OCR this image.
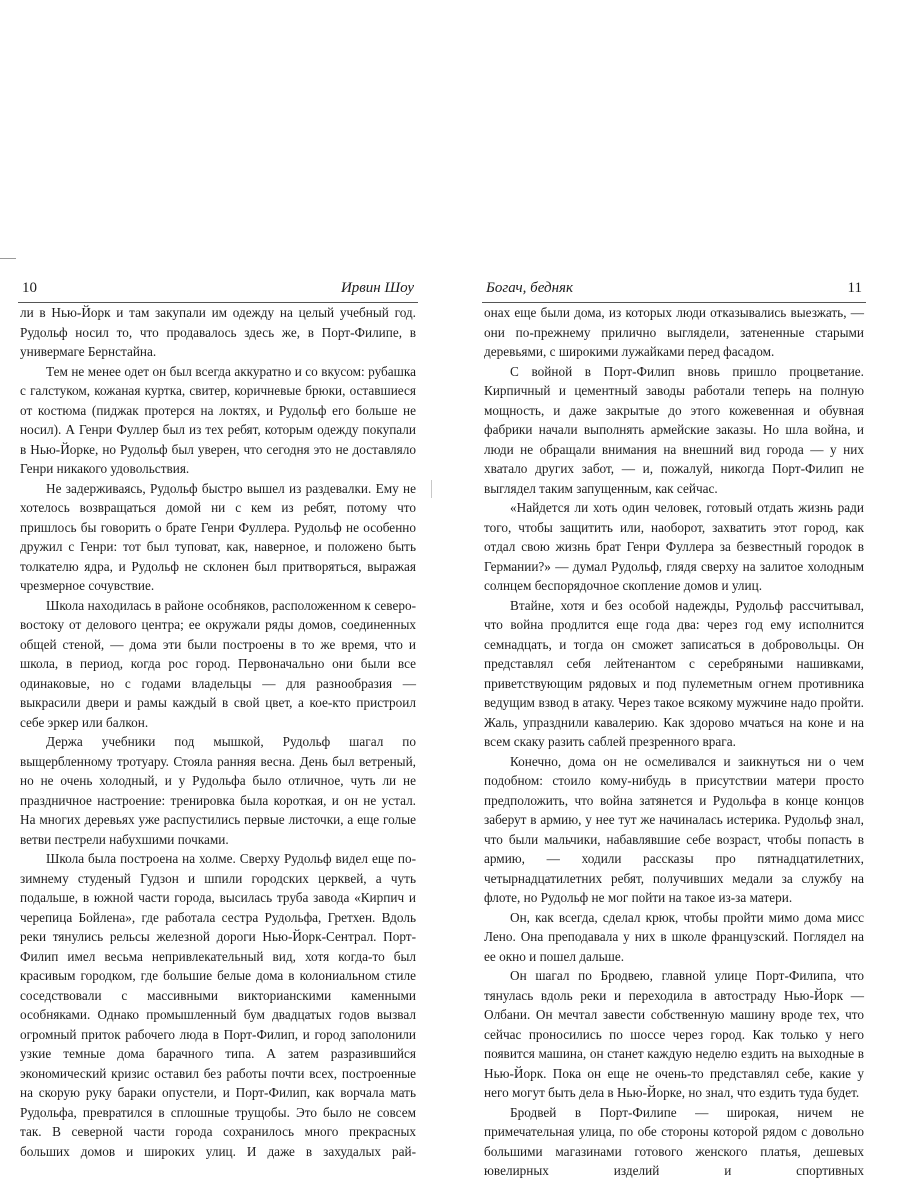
10	Ирвин Шоу

ли в Нью-Йорк и там закупали им одежду на целый учебный год. Рудольф носил то, что продавалось здесь же, в Порт-Филипе, в универмаге Бернстайна.

Тем не менее одет он был всегда аккуратно и со вкусом: рубашка с галстуком, кожаная куртка, свитер, коричневые брюки, оставшиеся от костюма (пиджак протерся на локтях, и Рудольф его больше не носил). А Генри Фуллер был из тех ребят, которым одежду покупали в Нью-Йорке, но Рудольф был уверен, что сегодня это не доставляло Генри никакого удовольствия.

Не задерживаясь, Рудольф быстро вышел из раздевалки. Ему не хотелось возвращаться домой ни с кем из ребят, потому что пришлось бы говорить о брате Генри Фуллера. Рудольф не особенно дружил с Генри: тот был туповат, как, наверное, и положено быть толкателю ядра, и Рудольф не склонен был притворяться, выражая чрезмерное сочувствие.

Школа находилась в районе особняков, расположенном к северо-востоку от делового центра; ее окружали ряды домов, соединенных общей стеной, — дома эти были построены в то же время, что и школа, в период, когда рос город. Первоначально они были все одинаковые, но с годами владельцы — для разнообразия — выкрасили двери и рамы каждый в свой цвет, а кое-кто пристроил себе эркер или балкон.

Держа учебники под мышкой, Рудольф шагал по выщербленному тротуару. Стояла ранняя весна. День был ветреный, но не очень холодный, и у Рудольфа было отличное, чуть ли не праздничное настроение: тренировка была короткая, и он не устал. На многих деревьях уже распустились первые листочки, а еще голые ветви пестрели набухшими почками.

Школа была построена на холме. Сверху Рудольф видел еще по-зимнему студеный Гудзон и шпили городских церквей, а чуть подальше, в южной части города, высилась труба завода «Кирпич и черепица Бойлена», где работала сестра Рудольфа, Гретхен. Вдоль реки тянулись рельсы железной дороги Нью-Йорк-Сентрал. Порт-Филип имел весьма непривлекательный вид, хотя когда-то был красивым городком, где большие белые дома в колониальном стиле соседствовали с массивными викторианскими каменными особняками. Однако промышленный бум двадцатых годов вызвал огромный приток рабочего люда в Порт-Филип, и город заполонили узкие темные дома барачного типа. А затем разразившийся экономический кризис оставил без работы почти всех, построенные на скорую руку бараки опустели, и Порт-Филип, как ворчала мать Рудольфа, превратился в сплошные трущобы. Это было не совсем так. В северной части города сохранилось много прекрасных больших домов и широких улиц. И даже в захудалых рай-

Богач, бедняк	11

онах еще были дома, из которых люди отказывались выезжать, — они по-прежнему прилично выглядели, затененные старыми деревьями, с широкими лужайками перед фасадом.

С войной в Порт-Филип вновь пришло процветание. Кирпичный и цементный заводы работали теперь на полную мощность, и даже закрытые до этого кожевенная и обувная фабрики начали выполнять армейские заказы. Но шла война, и люди не обращали внимания на внешний вид города — у них хватало других забот, — и, пожалуй, никогда Порт-Филип не выглядел таким запущенным, как сейчас.

«Найдется ли хоть один человек, готовый отдать жизнь ради того, чтобы защитить или, наоборот, захватить этот город, как отдал свою жизнь брат Генри Фуллера за безвестный городок в Германии?» — думал Рудольф, глядя сверху на залитое холодным солнцем беспорядочное скопление домов и улиц.

Втайне, хотя и без особой надежды, Рудольф рассчитывал, что война продлится еще года два: через год ему исполнится семнадцать, и тогда он сможет записаться в добровольцы. Он представлял себя лейтенантом с серебряными нашивками, приветствующим рядовых и под пулеметным огнем противника ведущим взвод в атаку. Через такое всякому мужчине надо пройти. Жаль, упразднили кавалерию. Как здорово мчаться на коне и на всем скаку разить саблей презренного врага.

Конечно, дома он не осмеливался и заикнуться ни о чем подобном: стоило кому-нибудь в присутствии матери просто предположить, что война затянется и Рудольфа в конце концов заберут в армию, у нее тут же начиналась истерика. Рудольф знал, что были мальчики, набавлявшие себе возраст, чтобы попасть в армию, — ходили рассказы про пятнадцатилетних, четырнадцатилетних ребят, получивших медали за службу на флоте, но Рудольф не мог пойти на такое из-за матери.

Он, как всегда, сделал крюк, чтобы пройти мимо дома мисс Лено. Она преподавала у них в школе французский. Поглядел на ее окно и пошел дальше.

Он шагал по Бродвею, главной улице Порт-Филипа, что тянулась вдоль реки и переходила в автостраду Нью-Йорк — Олбани. Он мечтал завести собственную машину вроде тех, что сейчас проносились по шоссе через город. Как только у него появится машина, он станет каждую неделю ездить на выходные в Нью-Йорк. Пока он еще не очень-то представлял себе, какие у него могут быть дела в Нью-Йорке, но знал, что ездить туда будет.

Бродвей в Порт-Филипе — широкая, ничем не примечательная улица, по обе стороны которой рядом с довольно большими магазинами готового женского платья, дешевых ювелирных изделий и спортивных
